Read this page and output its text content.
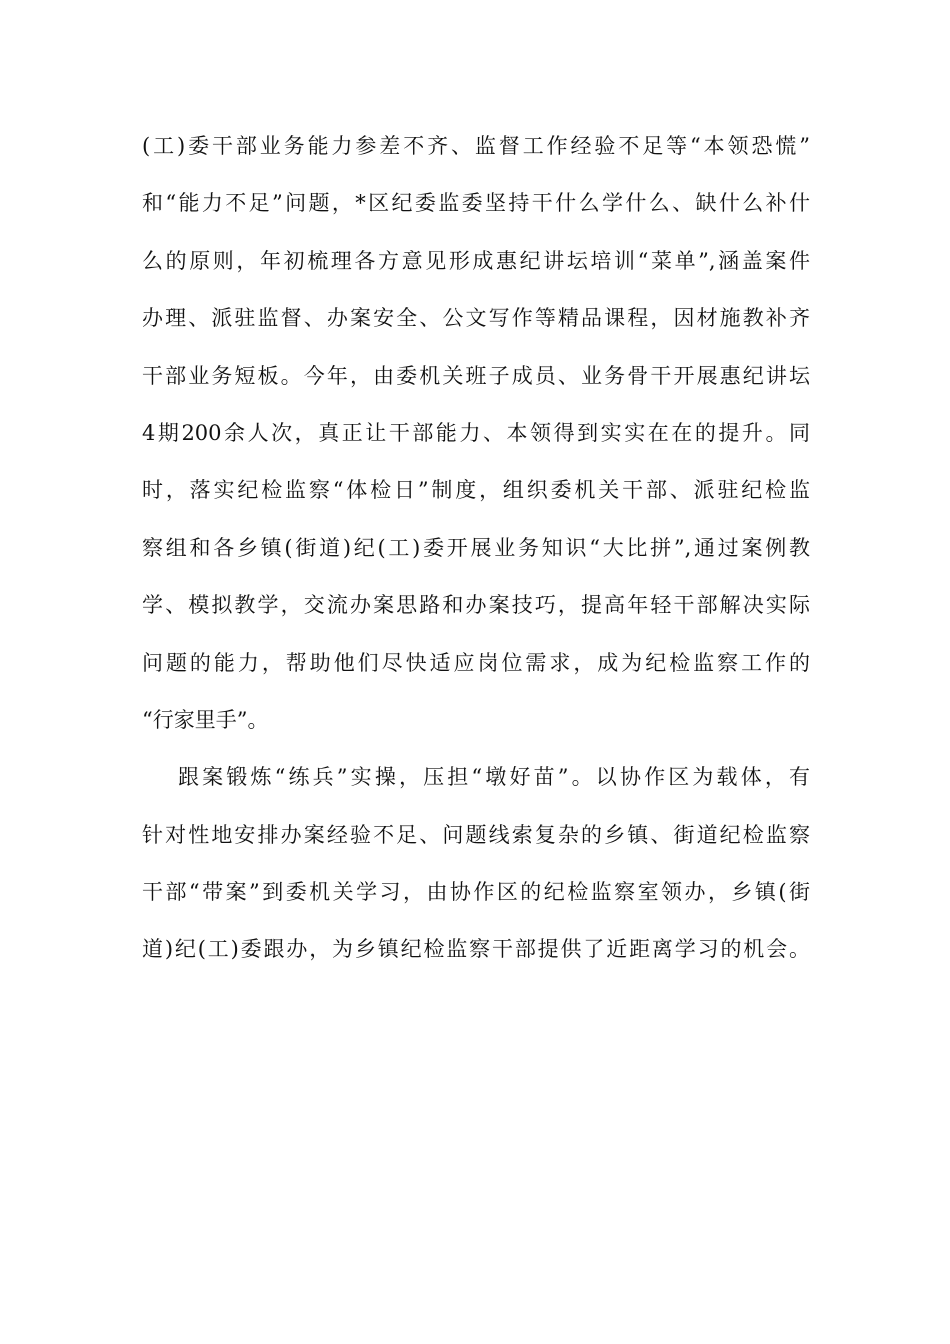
(工)委干部业务能力参差不齐、监督工作经验不足等“本领恐慌”
和“能力不足”问题，*区纪委监委坚持干什么学什么、缺什么补什
么的原则，年初梳理各方意见形成惠纪讲坛培训“菜单”,涵盖案件
办理、派驻监督、办案安全、公文写作等精品课程，因材施教补齐
干部业务短板。今年，由委机关班子成员、业务骨干开展惠纪讲坛
4期200余人次，真正让干部能力、本领得到实实在在的提升。同
时，落实纪检监察“体检日”制度，组织委机关干部、派驻纪检监
察组和各乡镇(街道)纪(工)委开展业务知识“大比拼”,通过案例教
学、模拟教学，交流办案思路和办案技巧，提高年轻干部解决实际
问题的能力，帮助他们尽快适应岗位需求，成为纪检监察工作的
“行家里手”。
跟案锻炼“练兵”实操，压担“墩好苗”。以协作区为载体，有
针对性地安排办案经验不足、问题线索复杂的乡镇、街道纪检监察
干部“带案”到委机关学习，由协作区的纪检监察室领办，乡镇(街
道)纪(工)委跟办，为乡镇纪检监察干部提供了近距离学习的机会。
